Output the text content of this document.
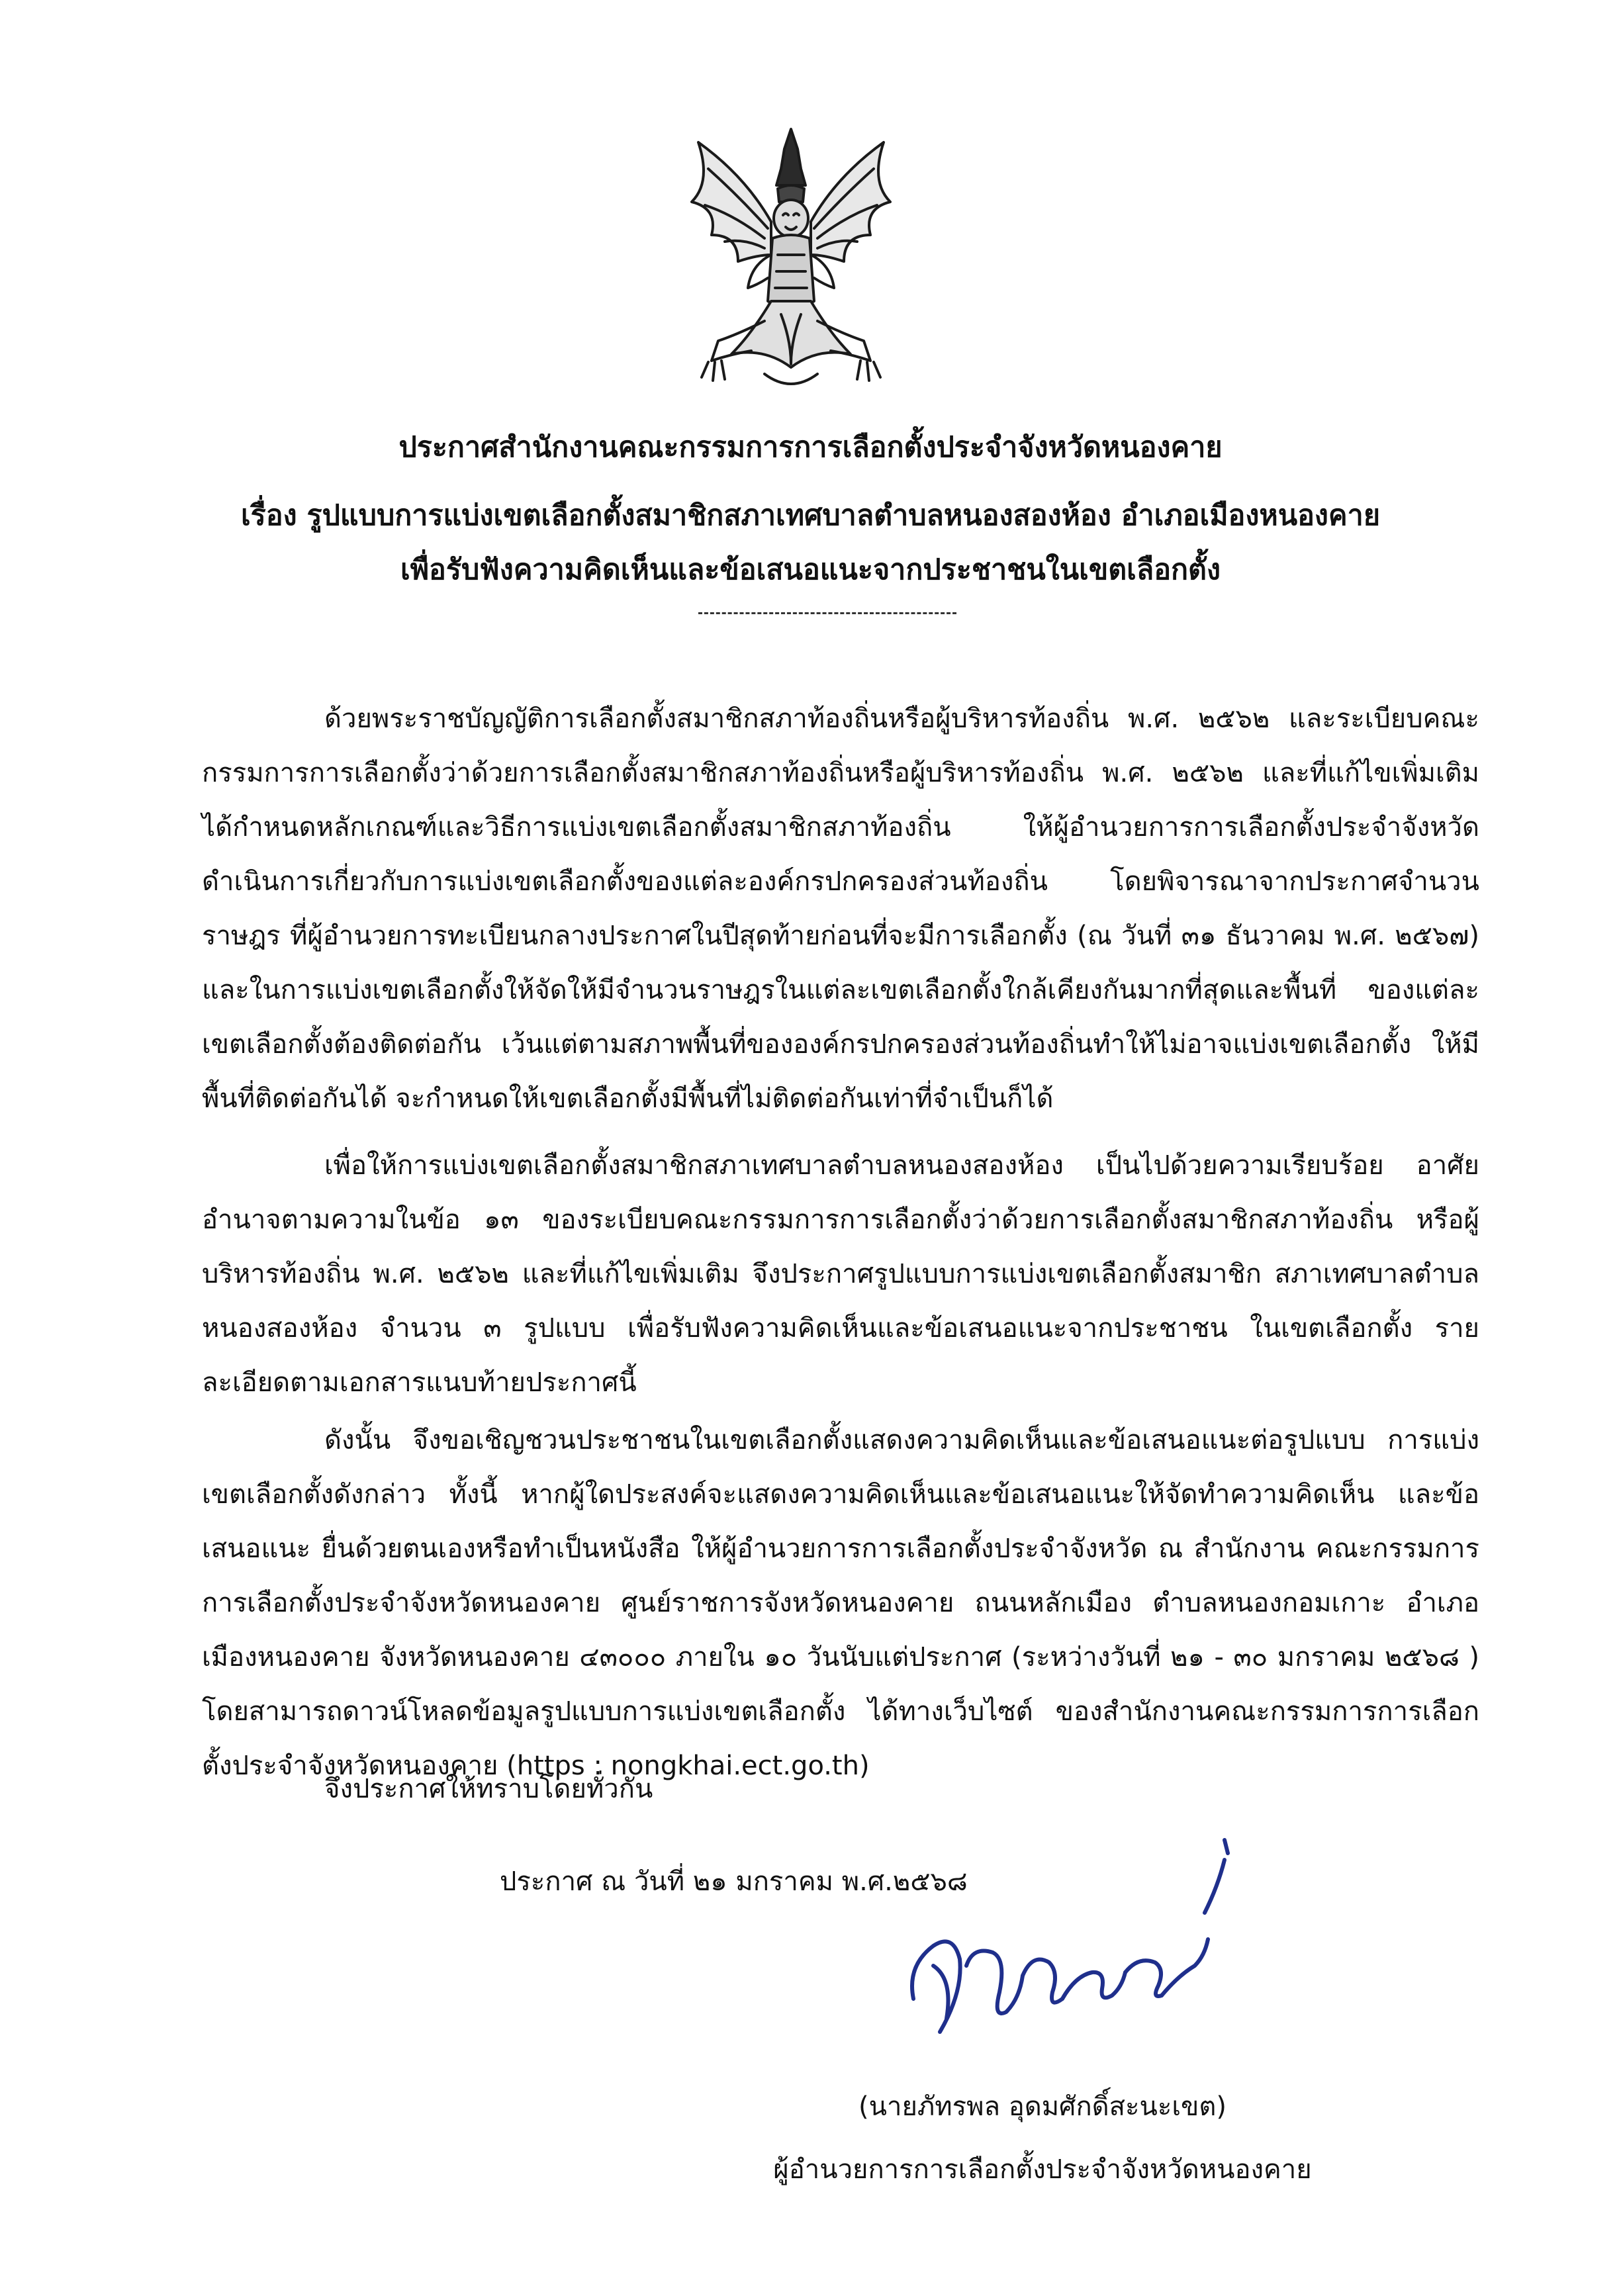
ประกาศสำนักงานคณะกรรมการการเลือกตั้งประจำจังหวัดหนองคาย
เรื่อง รูปแบบการแบ่งเขตเลือกตั้งสมาชิกสภาเทศบาลตำบลหนองสองห้อง อำเภอเมืองหนองคาย
เพื่อรับฟังความคิดเห็นและข้อเสนอแนะจากประชาชนในเขตเลือกตั้ง

ด้วยพระราชบัญญัติการเลือกตั้งสมาชิกสภาท้องถิ่นหรือผู้บริหารท้องถิ่น พ.ศ. ๒๕๖๒ และระเบียบคณะกรรมการการเลือกตั้งว่าด้วยการเลือกตั้งสมาชิกสภาท้องถิ่นหรือผู้บริหารท้องถิ่น พ.ศ. ๒๕๖๒ และที่แก้ไขเพิ่มเติม ได้กำหนดหลักเกณฑ์และวิธีการแบ่งเขตเลือกตั้งสมาชิกสภาท้องถิ่น ให้ผู้อำนวยการการเลือกตั้งประจำจังหวัด ดำเนินการเกี่ยวกับการแบ่งเขตเลือกตั้งของแต่ละองค์กรปกครองส่วนท้องถิ่น โดยพิจารณาจากประกาศจำนวนราษฎร ที่ผู้อำนวยการทะเบียนกลางประกาศในปีสุดท้ายก่อนที่จะมีการเลือกตั้ง (ณ วันที่ ๓๑ ธันวาคม พ.ศ. ๒๕๖๗) และในการแบ่งเขตเลือกตั้งให้จัดให้มีจำนวนราษฎรในแต่ละเขตเลือกตั้งใกล้เคียงกันมากที่สุดและพื้นที่ ของแต่ละเขตเลือกตั้งต้องติดต่อกัน เว้นแต่ตามสภาพพื้นที่ขององค์กรปกครองส่วนท้องถิ่นทำให้ไม่อาจแบ่งเขตเลือกตั้ง ให้มีพื้นที่ติดต่อกันได้ จะกำหนดให้เขตเลือกตั้งมีพื้นที่ไม่ติดต่อกันเท่าที่จำเป็นก็ได้

เพื่อให้การแบ่งเขตเลือกตั้งสมาชิกสภาเทศบาลตำบลหนองสองห้อง เป็นไปด้วยความเรียบร้อย อาศัยอำนาจตามความในข้อ ๑๓ ของระเบียบคณะกรรมการการเลือกตั้งว่าด้วยการเลือกตั้งสมาชิกสภาท้องถิ่น หรือผู้บริหารท้องถิ่น พ.ศ. ๒๕๖๒ และที่แก้ไขเพิ่มเติม จึงประกาศรูปแบบการแบ่งเขตเลือกตั้งสมาชิก สภาเทศบาลตำบลหนองสองห้อง จำนวน ๓ รูปแบบ เพื่อรับฟังความคิดเห็นและข้อเสนอแนะจากประชาชน ในเขตเลือกตั้ง รายละเอียดตามเอกสารแนบท้ายประกาศนี้

ดังนั้น จึงขอเชิญชวนประชาชนในเขตเลือกตั้งแสดงความคิดเห็นและข้อเสนอแนะต่อรูปแบบ การแบ่งเขตเลือกตั้งดังกล่าว ทั้งนี้ หากผู้ใดประสงค์จะแสดงความคิดเห็นและข้อเสนอแนะให้จัดทำความคิดเห็น และข้อเสนอแนะ ยื่นด้วยตนเองหรือทำเป็นหนังสือ ให้ผู้อำนวยการการเลือกตั้งประจำจังหวัด ณ สำนักงาน คณะกรรมการการเลือกตั้งประจำจังหวัดหนองคาย ศูนย์ราชการจังหวัดหนองคาย ถนนหลักเมือง ตำบลหนองกอมเกาะ อำเภอเมืองหนองคาย จังหวัดหนองคาย ๔๓๐๐๐ ภายใน ๑๐ วันนับแต่ประกาศ (ระหว่างวันที่ ๒๑ - ๓๐ มกราคม ๒๕๖๘ ) โดยสามารถดาวน์โหลดข้อมูลรูปแบบการแบ่งเขตเลือกตั้ง ได้ทางเว็บไซต์ ของสำนักงานคณะกรรมการการเลือกตั้งประจำจังหวัดหนองคาย (https : nongkhai.ect.go.th)

จึงประกาศให้ทราบโดยทั่วกัน
ประกาศ ณ วันที่ ๒๑ มกราคม พ.ศ.๒๕๖๘
(นายภัทรพล อุดมศักดิ์สะนะเขต)
ผู้อำนวยการการเลือกตั้งประจำจังหวัดหนองคาย
